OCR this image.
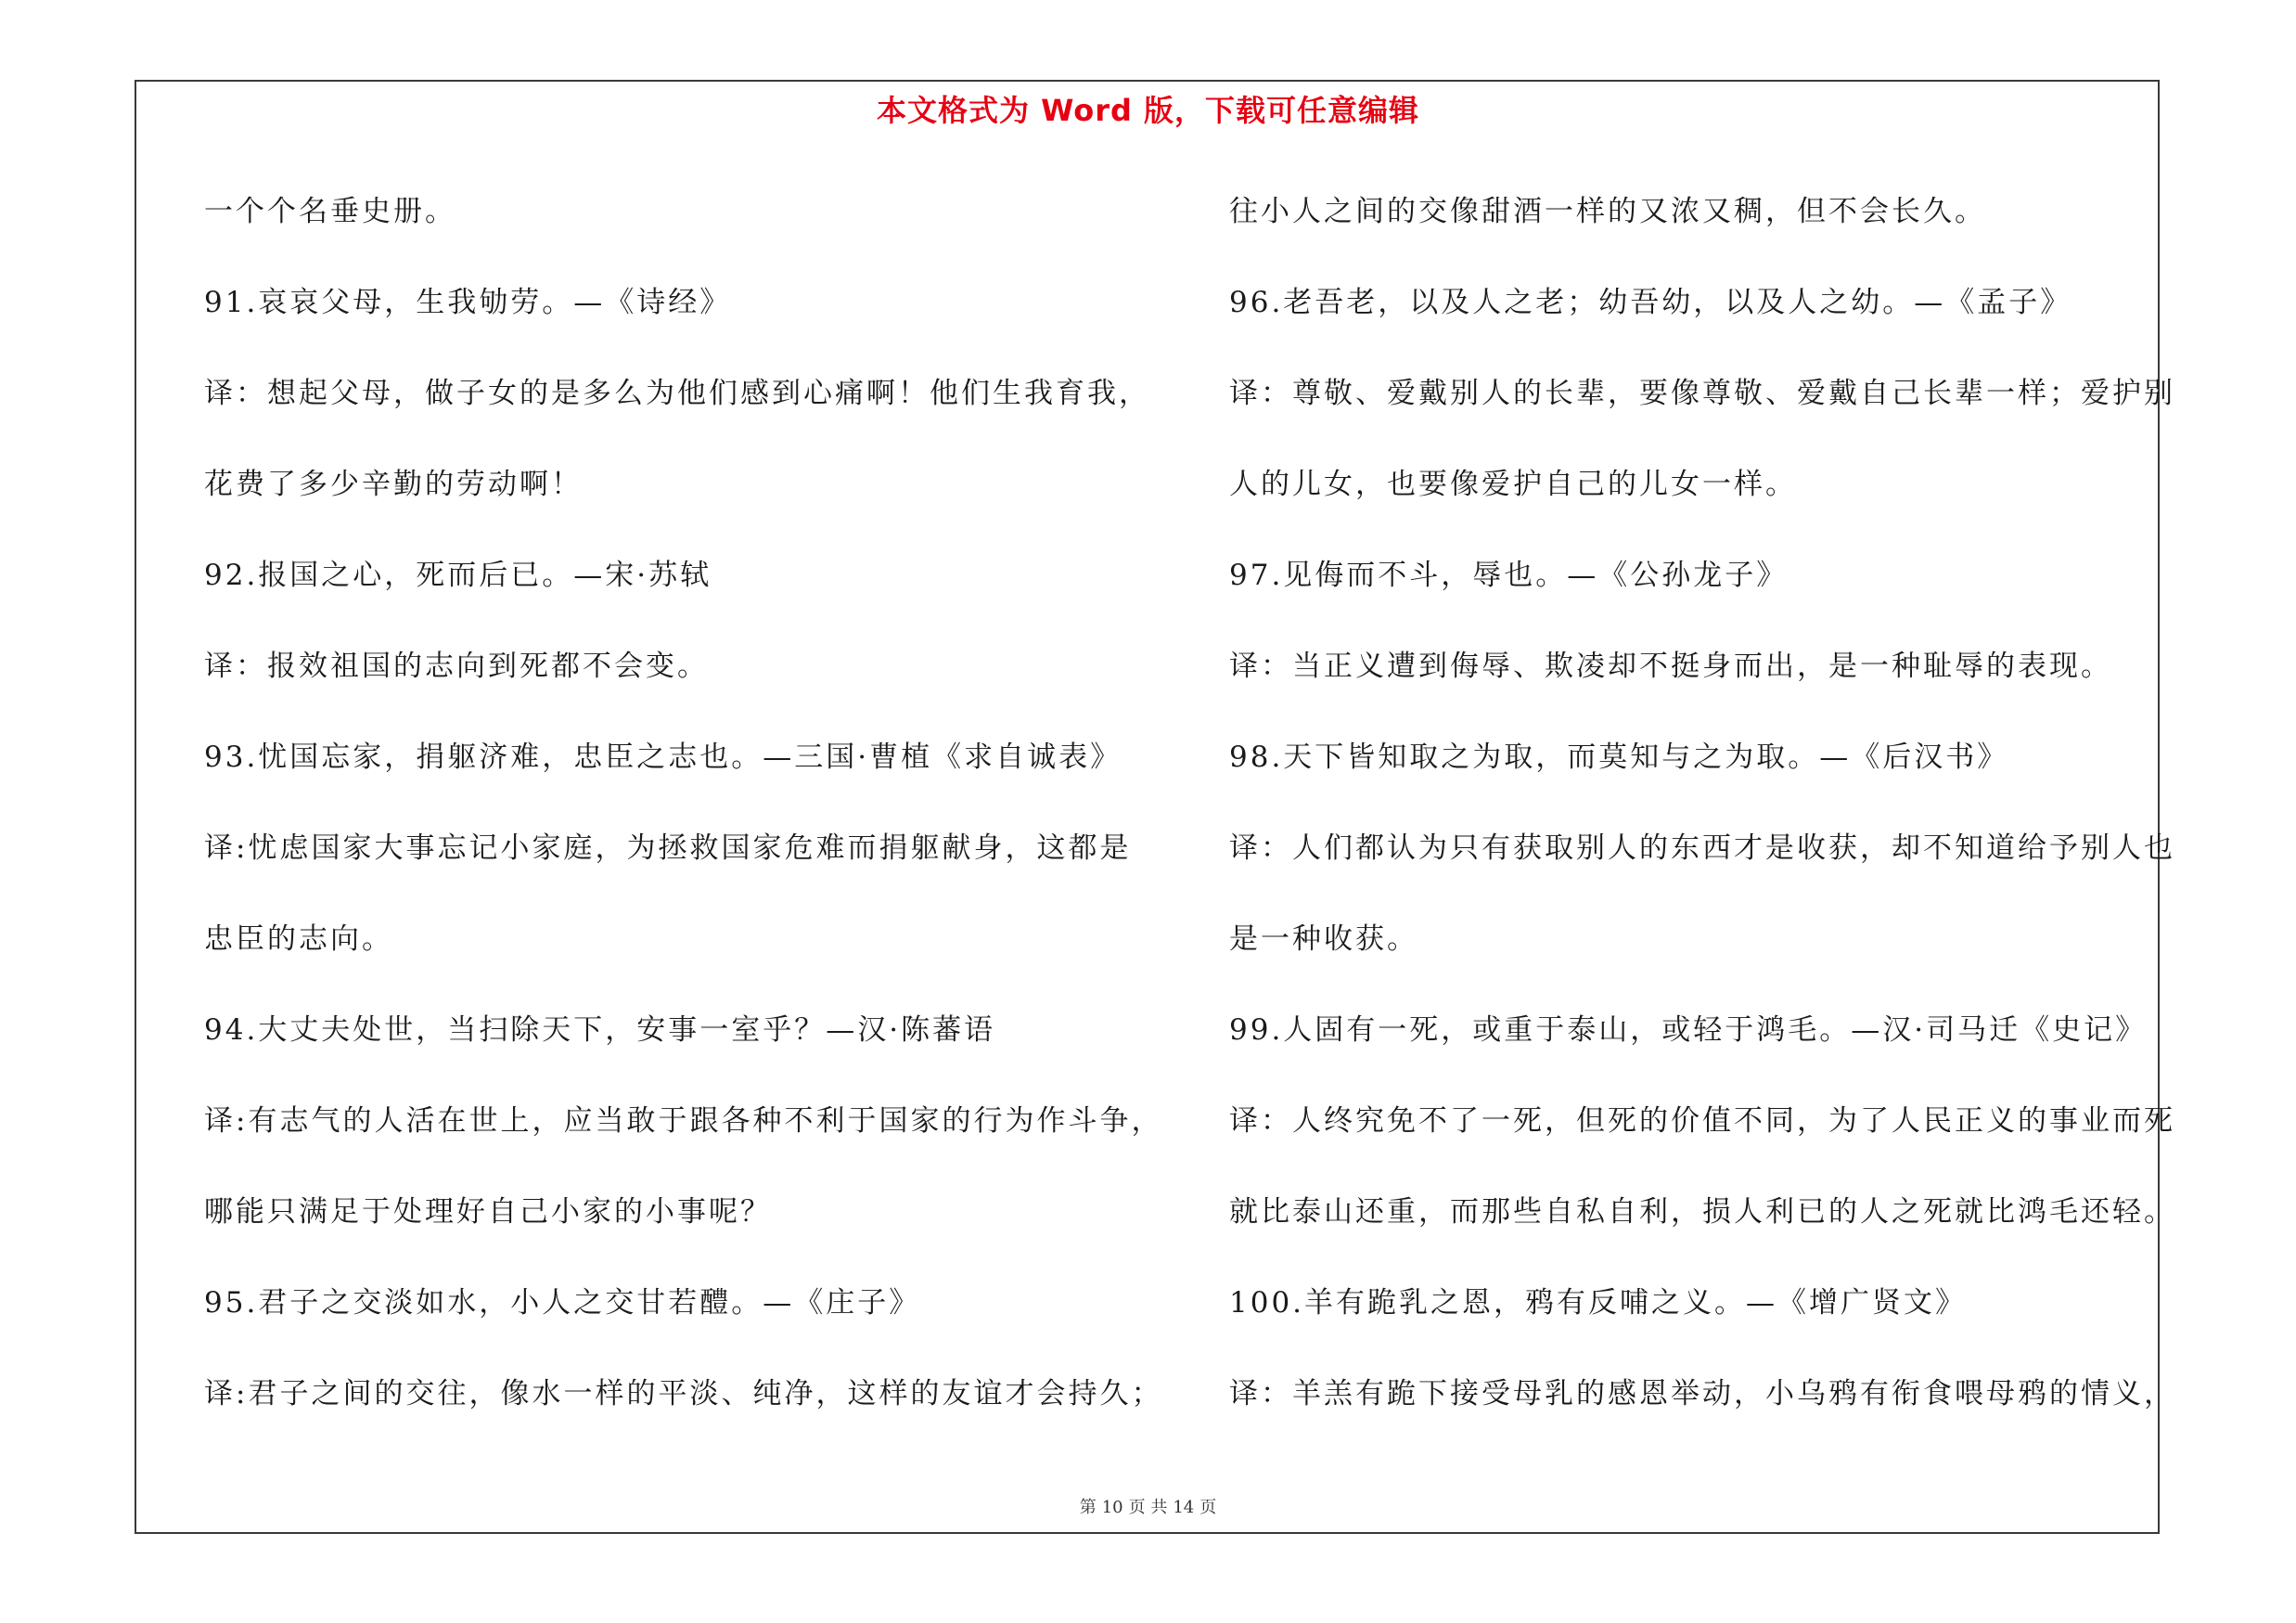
本文格式为 Word 版，下载可任意编辑
一个个名垂史册。
91.哀哀父母，生我劬劳。—《诗经》
译：想起父母，做子女的是多么为他们感到心痛啊！他们生我育我，
花费了多少辛勤的劳动啊！
92.报国之心，死而后已。—宋·苏轼
译：报效祖国的志向到死都不会变。
93.忧国忘家，捐躯济难，忠臣之志也。—三国·曹植《求自诚表》
译:忧虑国家大事忘记小家庭，为拯救国家危难而捐躯献身，这都是
忠臣的志向。
94.大丈夫处世，当扫除天下，安事一室乎？—汉·陈蕃语
译:有志气的人活在世上，应当敢于跟各种不利于国家的行为作斗争，
哪能只满足于处理好自己小家的小事呢？
95.君子之交淡如水，小人之交甘若醴。—《庄子》
译:君子之间的交往，像水一样的平淡、纯净，这样的友谊才会持久；
往小人之间的交像甜酒一样的又浓又稠，但不会长久。
96.老吾老，以及人之老；幼吾幼，以及人之幼。—《孟子》
译：尊敬、爱戴别人的长辈，要像尊敬、爱戴自己长辈一样；爱护别
人的儿女，也要像爱护自己的儿女一样。
97.见侮而不斗，辱也。—《公孙龙子》
译：当正义遭到侮辱、欺凌却不挺身而出，是一种耻辱的表现。
98.天下皆知取之为取，而莫知与之为取。—《后汉书》
译：人们都认为只有获取别人的东西才是收获，却不知道给予别人也
是一种收获。
99.人固有一死，或重于泰山，或轻于鸿毛。—汉·司马迁《史记》
译：人终究免不了一死，但死的价值不同，为了人民正义的事业而死
就比泰山还重，而那些自私自利，损人利已的人之死就比鸿毛还轻。
100.羊有跪乳之恩，鸦有反哺之义。—《增广贤文》
译：羊羔有跪下接受母乳的感恩举动，小乌鸦有衔食喂母鸦的情义，
第 10 页 共 14 页
